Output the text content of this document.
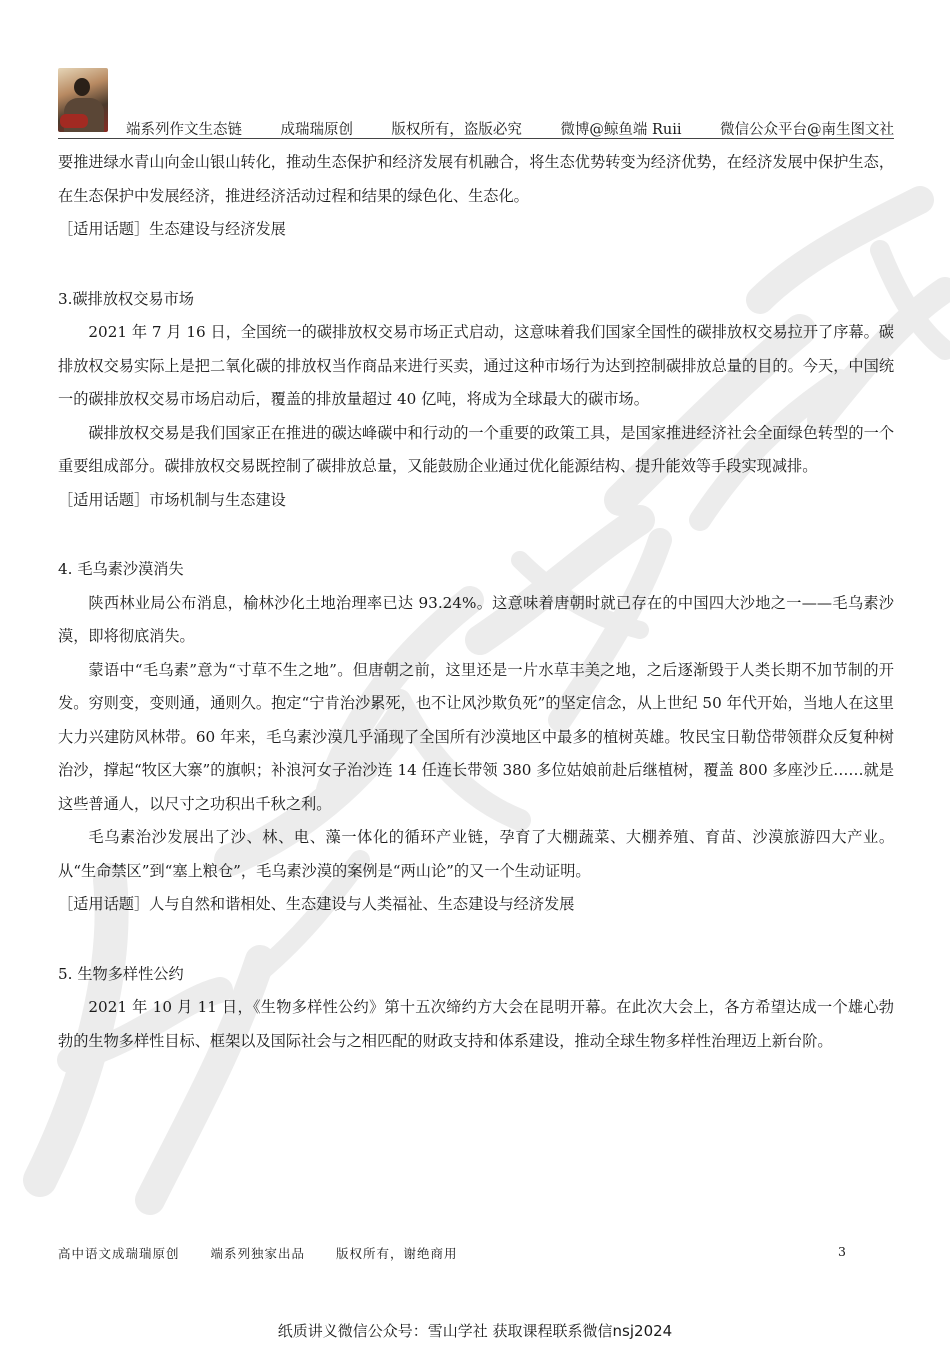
端系列作文生态链	成瑞瑞原创	版权所有，盗版必究	微博@鲸鱼端 Ruii	微信公众平台@南生图文社

要推进绿水青山向金山银山转化，推动生态保护和经济发展有机融合，将生态优势转变为经济优势，在经济发展中保护生态，在生态保护中发展经济，推进经济活动过程和结果的绿色化、生态化。

［适用话题］生态建设与经济发展

3.碳排放权交易市场

2021 年 7 月 16 日，全国统一的碳排放权交易市场正式启动，这意味着我们国家全国性的碳排放权交易拉开了序幕。碳排放权交易实际上是把二氧化碳的排放权当作商品来进行买卖，通过这种市场行为达到控制碳排放总量的目的。今天，中国统一的碳排放权交易市场启动后，覆盖的排放量超过 40 亿吨，将成为全球最大的碳市场。

碳排放权交易是我们国家正在推进的碳达峰碳中和行动的一个重要的政策工具，是国家推进经济社会全面绿色转型的一个重要组成部分。碳排放权交易既控制了碳排放总量，又能鼓励企业通过优化能源结构、提升能效等手段实现减排。

［适用话题］市场机制与生态建设

4. 毛乌素沙漠消失

陕西林业局公布消息，榆林沙化土地治理率已达 93.24%。这意味着唐朝时就已存在的中国四大沙地之一——毛乌素沙漠，即将彻底消失。

蒙语中“毛乌素”意为“寸草不生之地”。但唐朝之前，这里还是一片水草丰美之地，之后逐渐毁于人类长期不加节制的开发。穷则变，变则通，通则久。抱定“宁肯治沙累死，也不让风沙欺负死”的坚定信念，从上世纪 50 年代开始，当地人在这里大力兴建防风林带。60 年来，毛乌素沙漠几乎涌现了全国所有沙漠地区中最多的植树英雄。牧民宝日勒岱带领群众反复种树治沙，撑起“牧区大寨”的旗帜；补浪河女子治沙连 14 任连长带领 380 多位姑娘前赴后继植树，覆盖 800 多座沙丘……就是这些普通人，以尺寸之功积出千秋之利。

毛乌素治沙发展出了沙、林、电、藻一体化的循环产业链，孕育了大棚蔬菜、大棚养殖、育苗、沙漠旅游四大产业。从“生命禁区”到“塞上粮仓”，毛乌素沙漠的案例是“两山论”的又一个生动证明。

［适用话题］人与自然和谐相处、生态建设与人类福祉、生态建设与经济发展

5. 生物多样性公约

2021 年 10 月 11 日，《生物多样性公约》第十五次缔约方大会在昆明开幕。在此次大会上，各方希望达成一个雄心勃勃的生物多样性目标、框架以及国际社会与之相匹配的财政支持和体系建设，推动全球生物多样性治理迈上新台阶。

高中语文成瑞瑞原创 端系列独家出品 版权所有，谢绝商用	3
纸质讲义微信公众号：雪山学社 获取课程联系微信nsj2024
